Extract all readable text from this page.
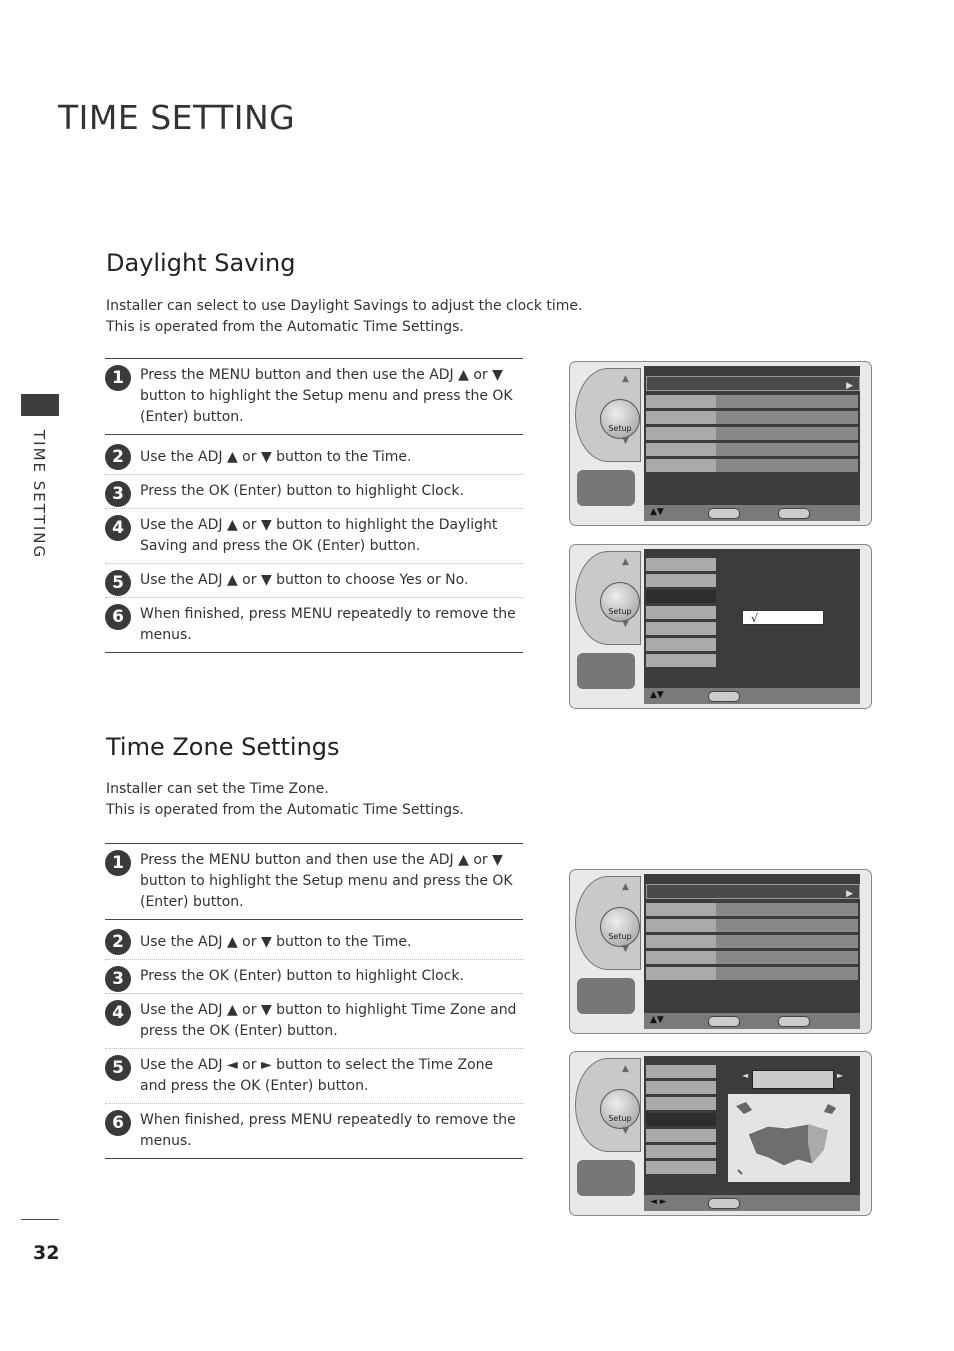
TIME SETTING
TIME SETTING
Daylight Saving

Installer can select to use Daylight Savings to adjust the clock time.
This is operated from the Automatic Time Settings.

1	Press the MENU button and then use the ADJ ▲ or ▼ button to highlight the Setup menu and press the OK (Enter) button.
2	Use the ADJ ▲ or ▼ button to the Time.
3	Press the OK (Enter) button to highlight Clock.
4	Use the ADJ ▲ or ▼ button to highlight the Daylight Saving and press the OK (Enter) button.
5	Use the ADJ ▲ or ▼ button to choose Yes or No.
6	When finished, press MENU repeatedly to remove the menus.
Setup
▲
▼
▶
▲▼
Setup
▲
▼	√
▲▼
Time Zone Settings

Installer can set the Time Zone.
This is operated from the Automatic Time Settings.

1	Press the MENU button and then use the ADJ ▲ or ▼ button to highlight the Setup menu and press the OK (Enter) button.
2	Use the ADJ ▲ or ▼ button to the Time.
3	Press the OK (Enter) button to highlight Clock.
4	Use the ADJ ▲ or ▼ button to highlight Time Zone and press the OK (Enter) button.
5	Use the ADJ ◄ or ► button to select the Time Zone and press the OK (Enter) button.
6	When finished, press MENU repeatedly to remove the menus.
Setup
▲
▼
▶
▲▼
Setup
▲
▼
◄	►
◄ ►
32
